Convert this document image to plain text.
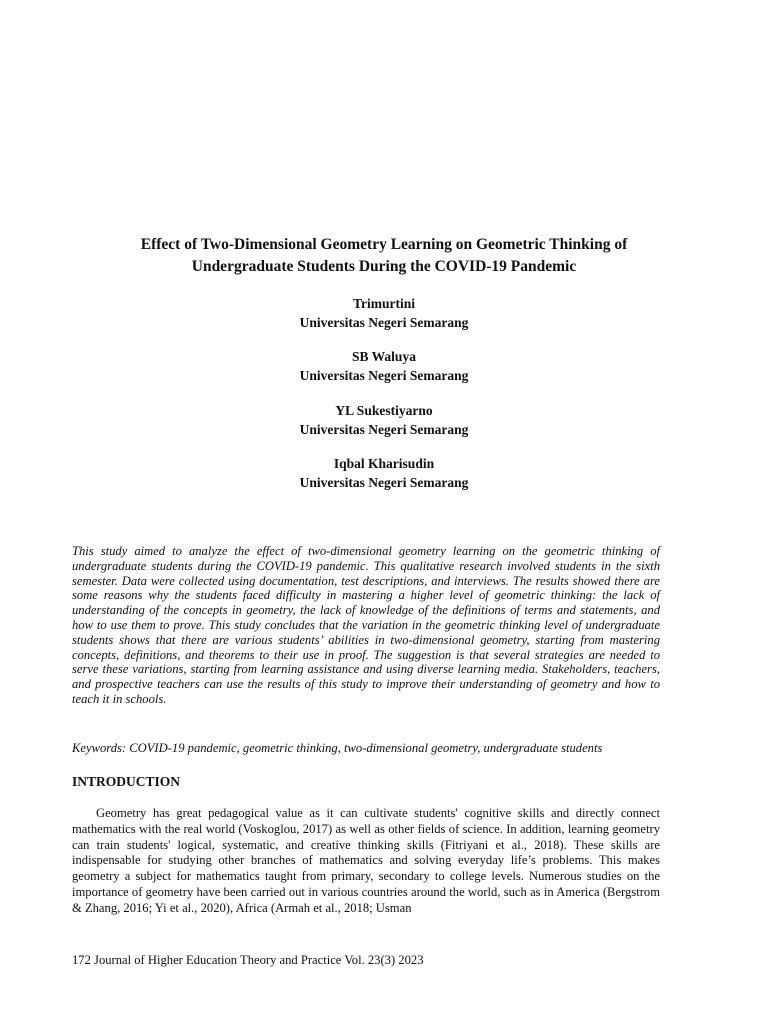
Effect of Two-Dimensional Geometry Learning on Geometric Thinking of
Undergraduate Students During the COVID-19 Pandemic
Trimurtini
Universitas Negeri Semarang
SB Waluya
Universitas Negeri Semarang
YL Sukestiyarno
Universitas Negeri Semarang
Iqbal Kharisudin
Universitas Negeri Semarang
This study aimed to analyze the effect of two-dimensional geometry learning on the geometric thinking of undergraduate students during the COVID-19 pandemic. This qualitative research involved students in the sixth semester. Data were collected using documentation, test descriptions, and interviews. The results showed there are some reasons why the students faced difficulty in mastering a higher level of geometric thinking: the lack of understanding of the concepts in geometry, the lack of knowledge of the definitions of terms and statements, and how to use them to prove. This study concludes that the variation in the geometric thinking level of undergraduate students shows that there are various students’ abilities in two-dimensional geometry, starting from mastering concepts, definitions, and theorems to their use in proof. The suggestion is that several strategies are needed to serve these variations, starting from learning assistance and using diverse learning media. Stakeholders, teachers, and prospective teachers can use the results of this study to improve their understanding of geometry and how to teach it in schools.
Keywords: COVID-19 pandemic, geometric thinking, two-dimensional geometry, undergraduate students
INTRODUCTION
Geometry has great pedagogical value as it can cultivate students' cognitive skills and directly connect mathematics with the real world (Voskoglou, 2017) as well as other fields of science. In addition, learning geometry can train students' logical, systematic, and creative thinking skills (Fitriyani et al., 2018). These skills are indispensable for studying other branches of mathematics and solving everyday life’s problems. This makes geometry a subject for mathematics taught from primary, secondary to college levels. Numerous studies on the importance of geometry have been carried out in various countries around the world, such as in America (Bergstrom & Zhang, 2016; Yi et al., 2020), Africa (Armah et al., 2018; Usman
172 Journal of Higher Education Theory and Practice Vol. 23(3) 2023
